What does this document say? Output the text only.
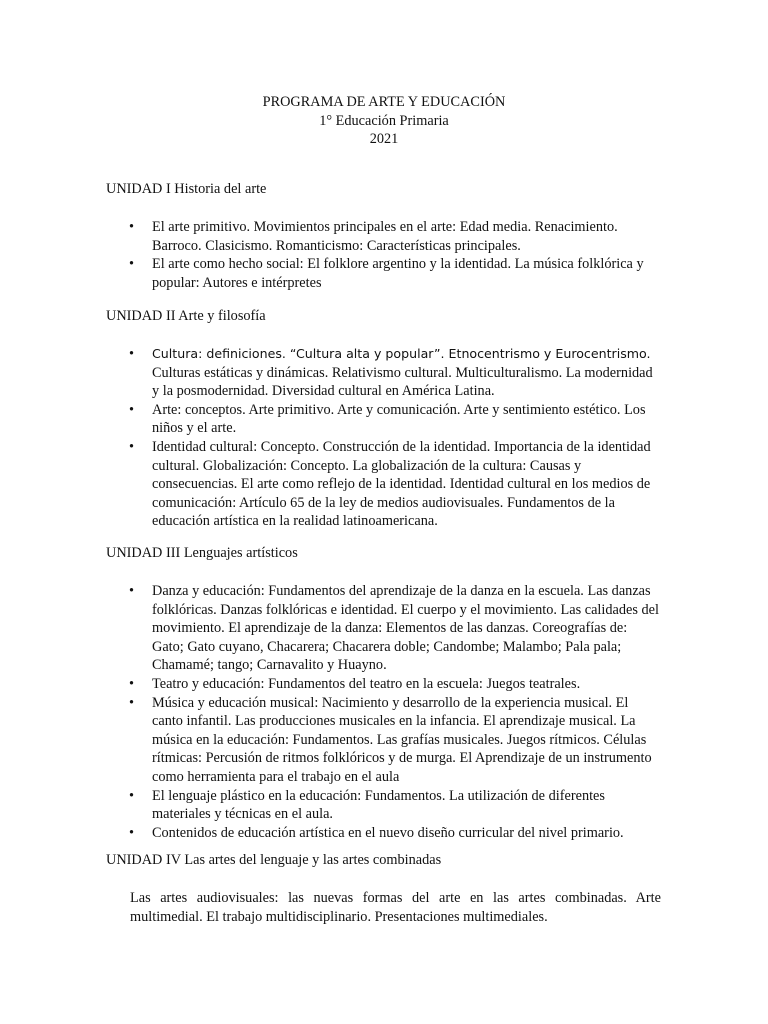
PROGRAMA DE ARTE Y EDUCACIÓN
1° Educación Primaria
2021
UNIDAD I Historia del arte
• El arte primitivo. Movimientos principales en el arte: Edad media. Renacimiento. Barroco. Clasicismo. Romanticismo: Características principales.
• El arte como hecho social: El folklore argentino y la identidad. La música folklórica y popular: Autores e intérpretes
UNIDAD II Arte y filosofía
• Cultura: definiciones. “Cultura alta y popular”. Etnocentrismo y Eurocentrismo. Culturas estáticas y dinámicas. Relativismo cultural. Multiculturalismo. La modernidad y la posmodernidad. Diversidad cultural en América Latina.
• Arte: conceptos. Arte primitivo. Arte y comunicación. Arte y sentimiento estético. Los niños y el arte.
• Identidad cultural: Concepto. Construcción de la identidad. Importancia de la identidad cultural. Globalización: Concepto. La globalización de la cultura: Causas y consecuencias. El arte como reflejo de la identidad. Identidad cultural en los medios de comunicación: Artículo 65 de la ley de medios audiovisuales. Fundamentos de la educación artística en la realidad latinoamericana.
UNIDAD III Lenguajes artísticos
• Danza y educación: Fundamentos del aprendizaje de la danza en la escuela. Las danzas folklóricas. Danzas folklóricas e identidad. El cuerpo y el movimiento. Las calidades del movimiento. El aprendizaje de la danza: Elementos de las danzas. Coreografías de: Gato; Gato cuyano, Chacarera; Chacarera doble; Candombe; Malambo; Pala pala; Chamamé; tango; Carnavalito y Huayno.
• Teatro y educación: Fundamentos del teatro en la escuela: Juegos teatrales.
• Música y educación musical: Nacimiento y desarrollo de la experiencia musical. El canto infantil. Las producciones musicales en la infancia. El aprendizaje musical. La música en la educación: Fundamentos. Las grafías musicales. Juegos rítmicos. Células rítmicas: Percusión de ritmos folklóricos y de murga. El Aprendizaje de un instrumento como herramienta para el trabajo en el aula
• El lenguaje plástico en la educación: Fundamentos. La utilización de diferentes materiales y técnicas en el aula.
• Contenidos de educación artística en el nuevo diseño curricular del nivel primario.
UNIDAD IV Las artes del lenguaje y las artes combinadas

Las artes audiovisuales: las nuevas formas del arte en las artes combinadas. Arte multimedial. El trabajo multidisciplinario. Presentaciones multimediales.
